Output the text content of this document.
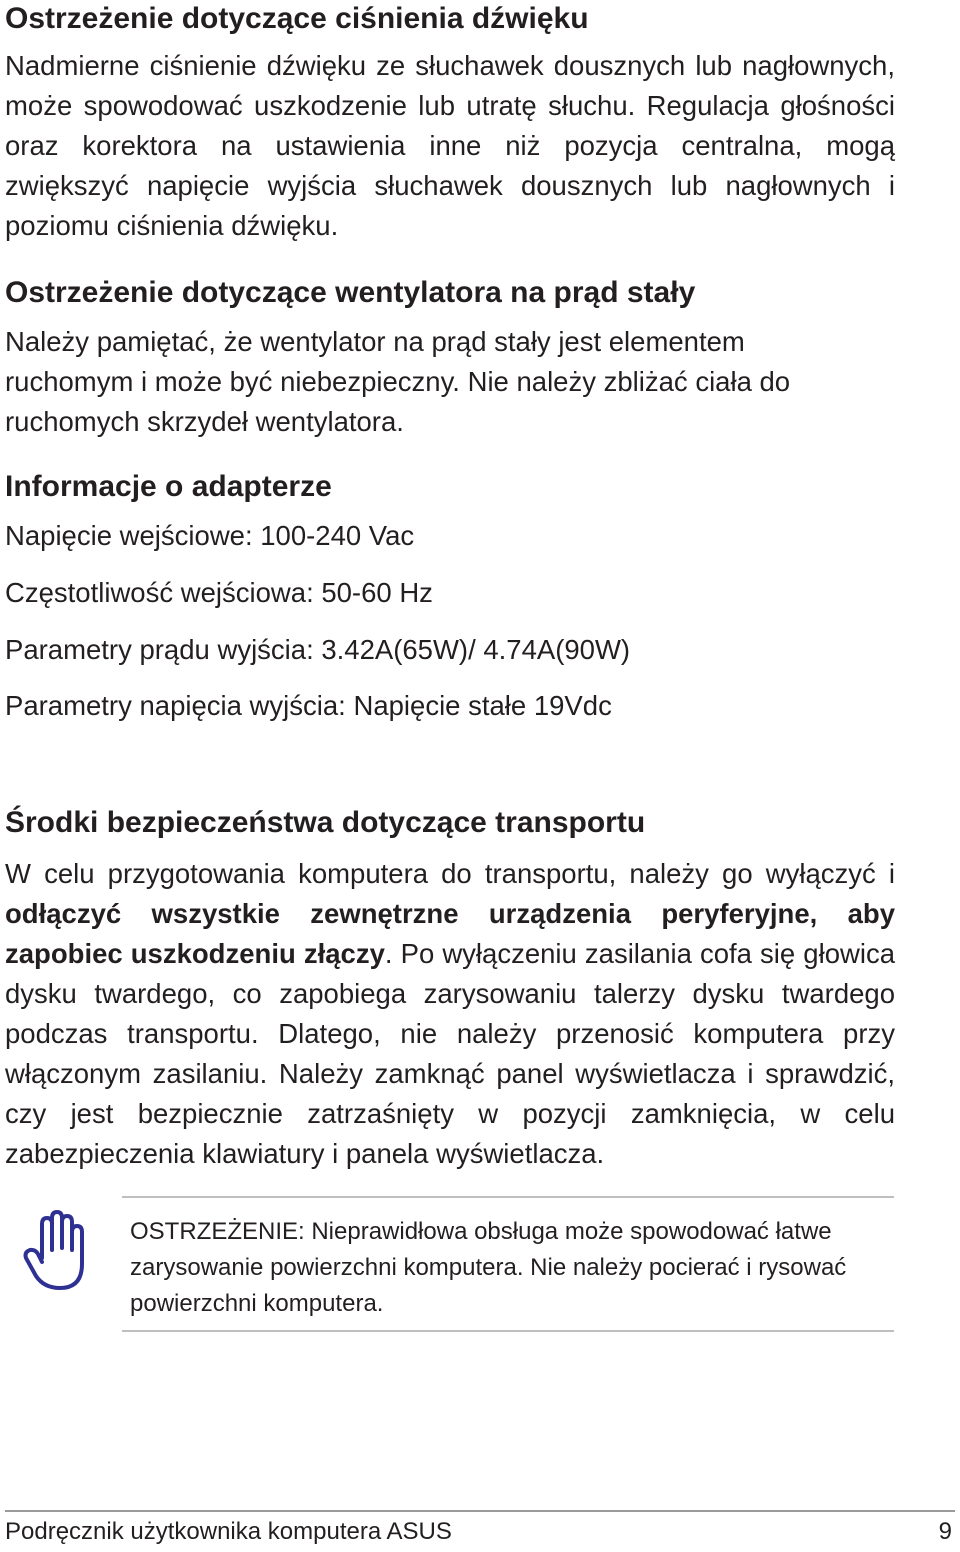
Ostrzeżenie dotyczące ciśnienia dźwięku

Nadmierne ciśnienie dźwięku ze słuchawek dousznych lub nagłownych, może spowodować uszkodzenie lub utratę słuchu. Regulacja głośności oraz korektora na ustawienia inne niż pozycja centralna, mogą zwiększyć napięcie wyjścia słuchawek dousznych lub nagłownych i poziomu ciśnienia dźwięku.

Ostrzeżenie dotyczące wentylatora na prąd stały

Należy pamiętać, że wentylator na prąd stały jest elementem ruchomym i może być niebezpieczny. Nie należy zbliżać ciała do ruchomych skrzydeł wentylatora.

Informacje o adapterze

Napięcie wejściowe: 100-240 Vac

Częstotliwość wejściowa: 50-60 Hz

Parametry prądu wyjścia: 3.42A(65W)/ 4.74A(90W)

Parametry napięcia wyjścia: Napięcie stałe 19Vdc

Środki bezpieczeństwa dotyczące transportu

W celu przygotowania komputera do transportu, należy go wyłączyć i odłączyć wszystkie zewnętrzne urządzenia peryferyjne, aby zapobiec uszkodzeniu złączy. Po wyłączeniu zasilania cofa się głowica dysku twardego, co zapobiega zarysowaniu talerzy dysku twardego podczas transportu. Dlatego, nie należy przenosić komputera przy włączonym zasilaniu. Należy zamknąć panel wyświetlacza i sprawdzić, czy jest bezpiecznie zatrzaśnięty w pozycji zamknięcia, w celu zabezpieczenia klawiatury i panela wyświetlacza.

OSTRZEŻENIE: Nieprawidłowa obsługa może spowodować łatwe zarysowanie powierzchni komputera. Nie należy pocierać i rysować powierzchni komputera.

Podręcznik użytkownika komputera ASUS	9
